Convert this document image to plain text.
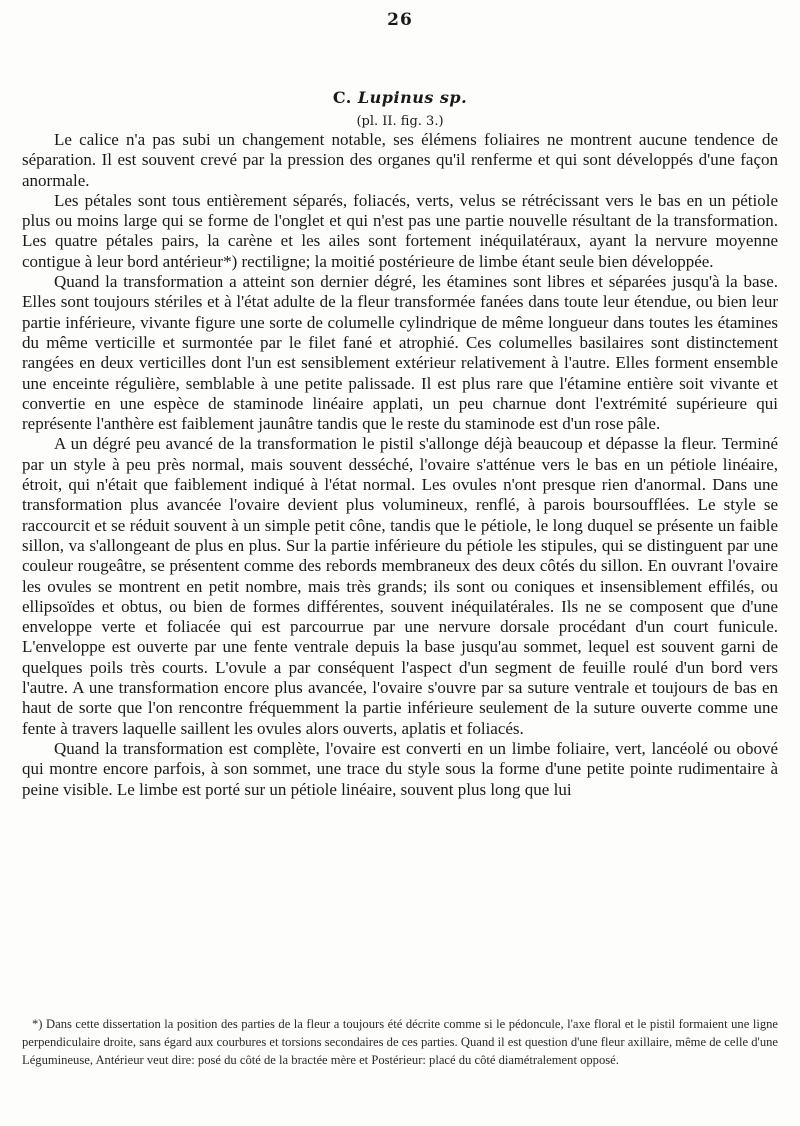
26
C. Lupinus sp.
(pl. II. fig. 3.)

Le calice n'a pas subi un changement notable, ses élémens foliaires ne montrent aucune tendence de séparation. Il est souvent crevé par la pression des organes qu'il renferme et qui sont développés d'une façon anormale.

Les pétales sont tous entièrement séparés, foliacés, verts, velus se rétrécissant vers le bas en un pétiole plus ou moins large qui se forme de l'onglet et qui n'est pas une partie nouvelle résultant de la transformation. Les quatre pétales pairs, la carène et les ailes sont fortement inéquilatéraux, ayant la nervure moyenne contigue à leur bord antérieur*) rectiligne; la moitié postérieure de limbe étant seule bien développée.

Quand la transformation a atteint son dernier dégré, les étamines sont libres et séparées jusqu'à la base. Elles sont toujours stériles et à l'état adulte de la fleur transformée fanées dans toute leur étendue, ou bien leur partie inférieure, vivante figure une sorte de columelle cylindrique de même longueur dans toutes les étamines du même verticille et surmontée par le filet fané et atrophié. Ces columelles basilaires sont distinctement rangées en deux verticilles dont l'un est sensiblement extérieur relativement à l'autre. Elles forment ensemble une enceinte régulière, semblable à une petite palissade. Il est plus rare que l'étamine entière soit vivante et convertie en une espèce de staminode linéaire applati, un peu charnue dont l'extrémité supérieure qui représente l'anthère est faiblement jaunâtre tandis que le reste du staminode est d'un rose pâle.

A un dégré peu avancé de la transformation le pistil s'allonge déjà beaucoup et dépasse la fleur. Terminé par un style à peu près normal, mais souvent desséché, l'ovaire s'atténue vers le bas en un pétiole linéaire, étroit, qui n'était que faiblement indiqué à l'état normal. Les ovules n'ont presque rien d'anormal. Dans une transformation plus avancée l'ovaire devient plus volumineux, renflé, à parois boursoufflées. Le style se raccourcit et se réduit souvent à un simple petit cône, tandis que le pétiole, le long duquel se présente un faible sillon, va s'allongeant de plus en plus. Sur la partie inférieure du pétiole les stipules, qui se distinguent par une couleur rougeâtre, se présentent comme des rebords membraneux des deux côtés du sillon. En ouvrant l'ovaire les ovules se montrent en petit nombre, mais très grands; ils sont ou coniques et insensiblement effilés, ou ellipsoïdes et obtus, ou bien de formes différentes, souvent inéquilatérales. Ils ne se composent que d'une enveloppe verte et foliacée qui est parcourrue par une nervure dorsale procédant d'un court funicule. L'enveloppe est ouverte par une fente ventrale depuis la base jusqu'au sommet, lequel est souvent garni de quelques poils très courts. L'ovule a par conséquent l'aspect d'un segment de feuille roulé d'un bord vers l'autre. A une transformation encore plus avancée, l'ovaire s'ouvre par sa suture ventrale et toujours de bas en haut de sorte que l'on rencontre fréquemment la partie inférieure seulement de la suture ouverte comme une fente à travers laquelle saillent les ovules alors ouverts, aplatis et foliacés.

Quand la transformation est complète, l'ovaire est converti en un limbe foliaire, vert, lancéolé ou obové qui montre encore parfois, à son sommet, une trace du style sous la forme d'une petite pointe rudimentaire à peine visible. Le limbe est porté sur un pétiole linéaire, souvent plus long que lui

*) Dans cette dissertation la position des parties de la fleur a toujours été décrite comme si le pédoncule, l'axe floral et le pistil formaient une ligne perpendiculaire droite, sans égard aux courbures et torsions secondaires de ces parties. Quand il est question d'une fleur axillaire, même de celle d'une Légumineuse, Antérieur veut dire: posé du côté de la bractée mère et Postérieur: placé du côté diamétralement opposé.
